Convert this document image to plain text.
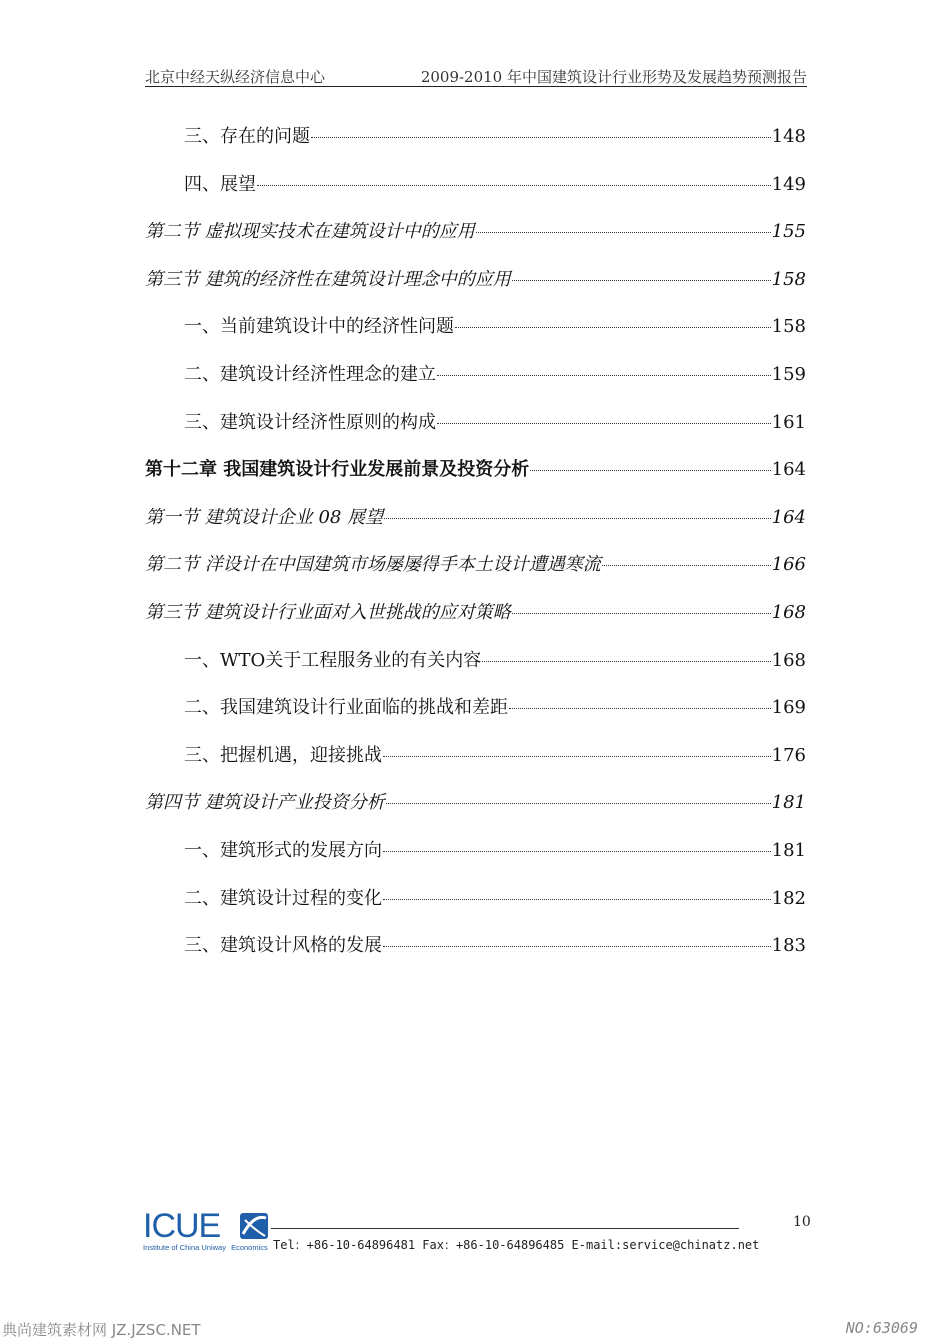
北京中经天纵经济信息中心	2009-2010 年中国建筑设计行业形势及发展趋势预测报告
三、存在的问题	148
四、展望	149
第二节 虚拟现实技术在建筑设计中的应用	155
第三节 建筑的经济性在建筑设计理念中的应用	158
一、当前建筑设计中的经济性问题	158
二、建筑设计经济性理念的建立	159
三、建筑设计经济性原则的构成	161
第十二章 我国建筑设计行业发展前景及投资分析	164
第一节 建筑设计企业 08 展望	164
第二节 洋设计在中国建筑市场屡屡得手本土设计遭遇寒流	166
第三节 建筑设计行业面对入世挑战的应对策略	168
一、WTO关于工程服务业的有关内容	168
二、我国建筑设计行业面临的挑战和差距	169
三、把握机遇，迎接挑战	176
第四节 建筑设计产业投资分析	181
一、建筑形式的发展方向	181
二、建筑设计过程的变化	182
三、建筑设计风格的发展	183
ICUE
Institute of China Uniway Economics Tel：+86-10-64896481 Fax：+86-10-64896485 E-mail:service@chinatz.net
10
典尚建筑素材网 JZ.JZSC.NET	NO:63069
